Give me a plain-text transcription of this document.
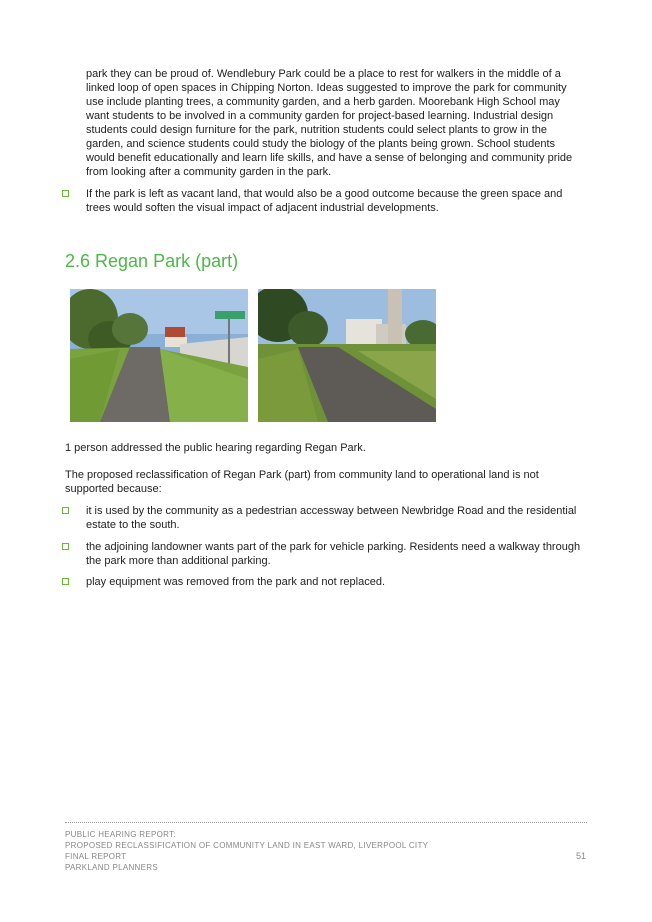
park they can be proud of. Wendlebury Park could be a place to rest for walkers in the middle of a linked loop of open spaces in Chipping Norton. Ideas suggested to improve the park for community use include planting trees, a community garden, and a herb garden. Moorebank High School may want students to be involved in a community garden for project-based learning. Industrial design students could design furniture for the park, nutrition students could select plants to grow in the garden, and science students could study the biology of the plants being grown. School students would benefit educationally and learn life skills, and have a sense of belonging and community pride from looking after a community garden in the park.

If the park is left as vacant land, that would also be a good outcome because the green space and trees would soften the visual impact of adjacent industrial developments.

2.6 Regan Park (part)

1 person addressed the public hearing regarding Regan Park.

The proposed reclassification of Regan Park (part) from community land to operational land is not supported because:

it is used by the community as a pedestrian accessway between Newbridge Road and the residential estate to the south.

the adjoining landowner wants part of the park for vehicle parking. Residents need a walkway through the park more than additional parking.

play equipment was removed from the park and not replaced.

PUBLIC HEARING REPORT:
PROPOSED RECLASSIFICATION OF COMMUNITY LAND IN EAST WARD, LIVERPOOL CITY
FINAL REPORT
PARKLAND PLANNERS
51
